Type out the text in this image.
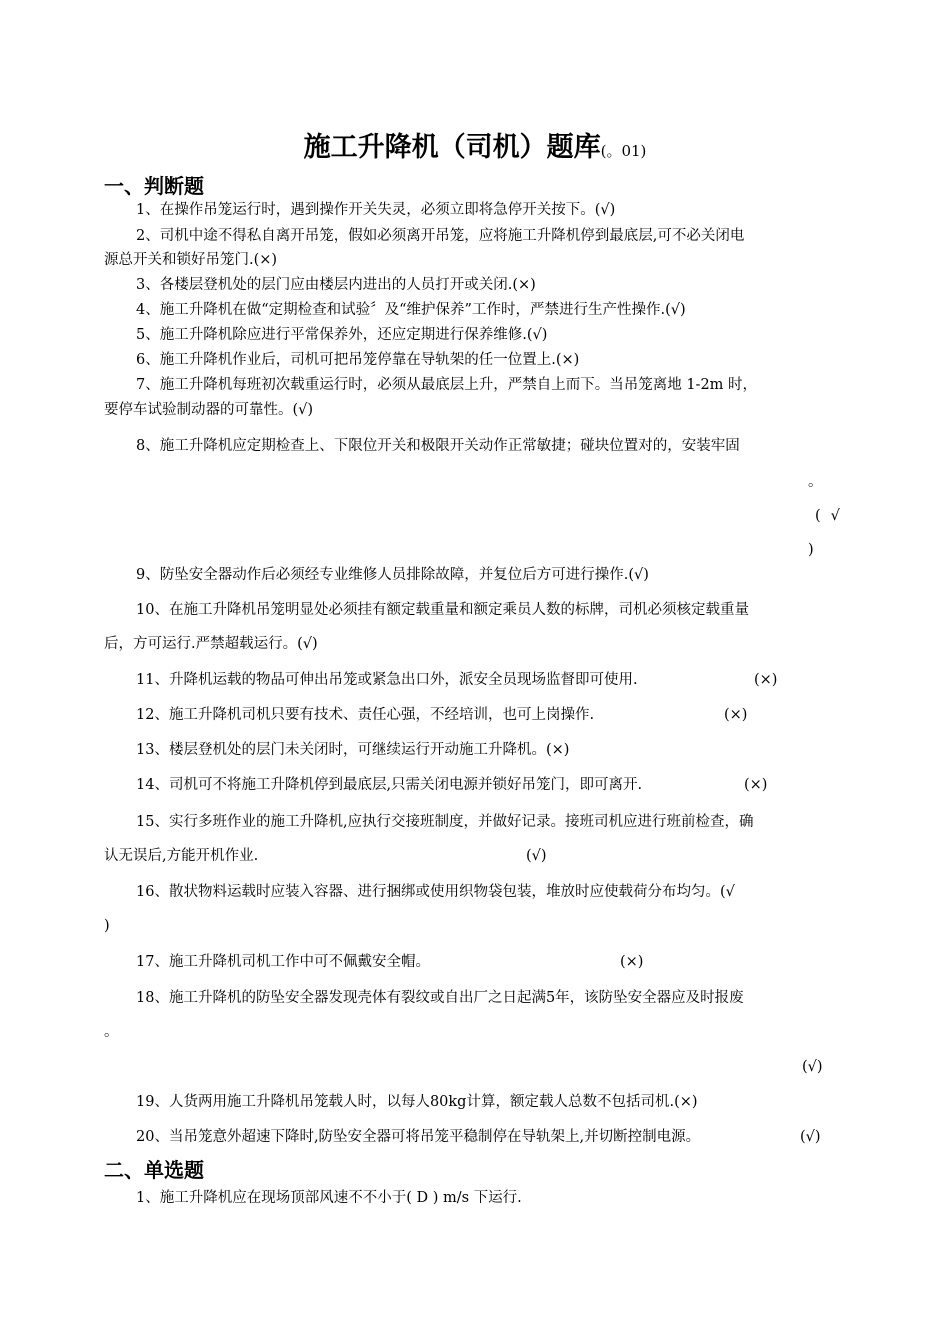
施工升降机（司机）题库(。01)
一、判断题
1、在操作吊笼运行时，遇到操作开关失灵，必须立即将急停开关按下。(√)
2、司机中途不得私自离开吊笼，假如必须离开吊笼，应将施工升降机停到最底层,可不必关闭电
源总开关和锁好吊笼门.(×)
3、各楼层登机处的层门应由楼层内进出的人员打开或关闭.(×)
4、施工升降机在做“定期检查和试验〞及“维护保养”工作时，严禁进行生产性操作.(√)
5、施工升降机除应进行平常保养外，还应定期进行保养维修.(√)
6、施工升降机作业后，司机可把吊笼停靠在导轨架的任一位置上.(×)
7、施工升降机每班初次载重运行时，必须从最底层上升，严禁自上而下。当吊笼离地 1-2m 时，
要停车试验制动器的可靠性。(√)
8、施工升降机应定期检查上、下限位开关和极限开关动作正常敏捷；碰块位置对的，安装牢固
。
(√
)
9、防坠安全器动作后必须经专业维修人员排除故障，并复位后方可进行操作.(√)
10、在施工升降机吊笼明显处必须挂有额定载重量和额定乘员人数的标牌，司机必须核定载重量
后，方可运行.严禁超载运行。(√)
11、升降机运载的物品可伸出吊笼或紧急出口外，派安全员现场监督即可使用.	(×)
12、施工升降机司机只要有技术、责任心强，不经培训，也可上岗操作.	(×)
13、楼层登机处的层门未关闭时，可继续运行开动施工升降机。(×)
14、司机可不将施工升降机停到最底层,只需关闭电源并锁好吊笼门，即可离开.	(×)
15、实行多班作业的施工升降机,应执行交接班制度，并做好记录。接班司机应进行班前检查，确
认无误后,方能开机作业.	(√)
16、散状物料运载时应装入容器、进行捆绑或使用织物袋包装，堆放时应使载荷分布均匀。(√
)
17、施工升降机司机工作中可不佩戴安全帽。	(×)
18、施工升降机的防坠安全器发现壳体有裂纹或自出厂之日起满5年，该防坠安全器应及时报废
。
(√)
19、人货两用施工升降机吊笼载人时，以每人80kg计算，额定载人总数不包括司机.(×)
20、当吊笼意外超速下降时,防坠安全器可将吊笼平稳制停在导轨架上,并切断控制电源。	(√)
二、单选题
1、施工升降机应在现场顶部风速不不小于( D ) m/s 下运行.
